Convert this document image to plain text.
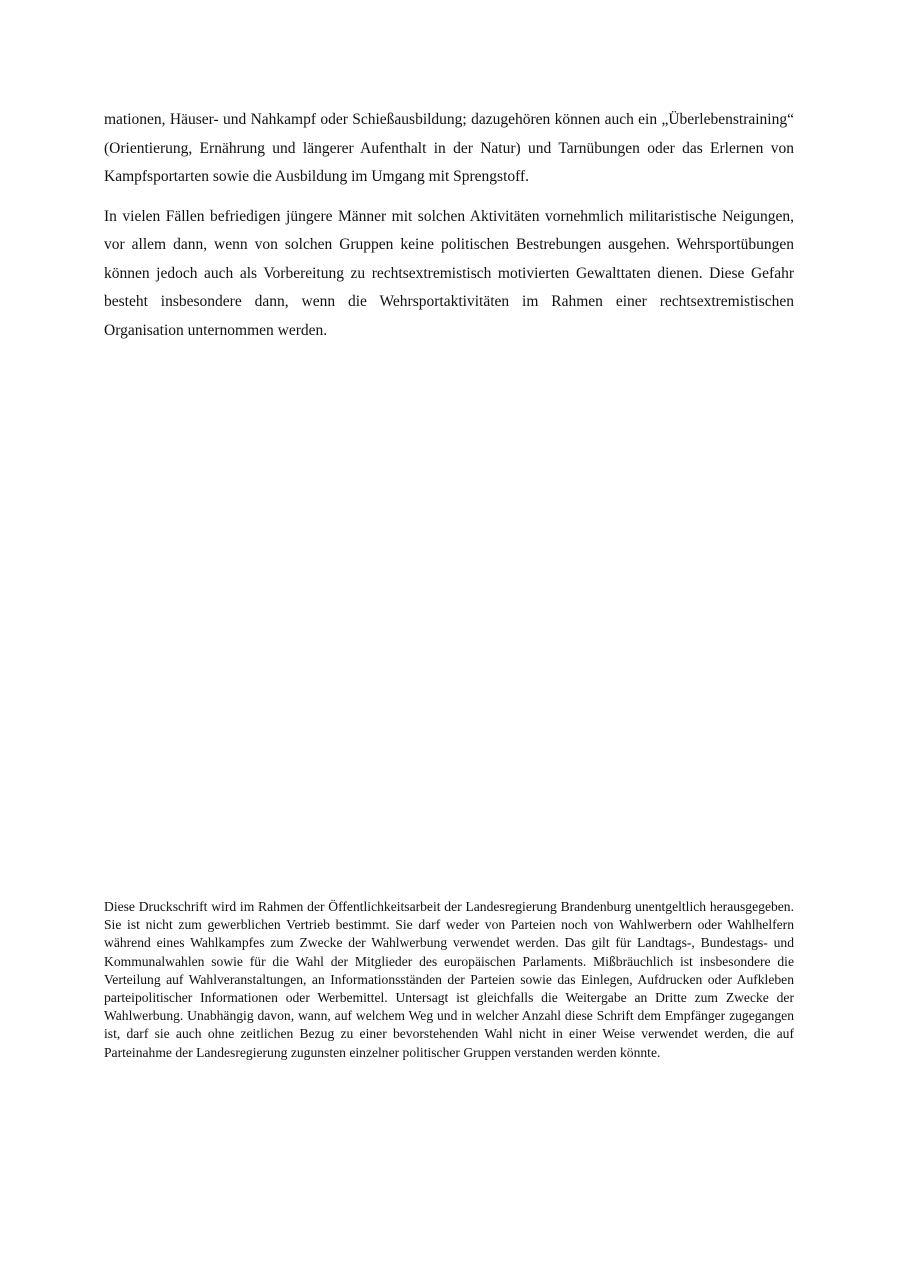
mationen, Häuser- und Nahkampf oder Schießausbildung; dazugehören können auch ein „Überlebenstraining“ (Orientierung, Ernährung und längerer Aufenthalt in der Natur) und Tarnübungen oder das Erlernen von Kampfsportarten sowie die Ausbildung im Umgang mit Sprengstoff.

In vielen Fällen befriedigen jüngere Männer mit solchen Aktivitäten vornehmlich militaristische Neigungen, vor allem dann, wenn von solchen Gruppen keine politischen Bestrebungen ausgehen. Wehrsportübungen können jedoch auch als Vorbereitung zu rechtsextremistisch motivierten Gewalttaten dienen. Diese Gefahr besteht insbesondere dann, wenn die Wehrsportaktivitäten im Rahmen einer rechtsextremistischen Organisation unternommen werden.

Diese Druckschrift wird im Rahmen der Öffentlichkeitsarbeit der Landesregierung Brandenburg unentgeltlich herausgegeben. Sie ist nicht zum gewerblichen Vertrieb bestimmt. Sie darf weder von Parteien noch von Wahlwerbern oder Wahlhelfern während eines Wahlkampfes zum Zwecke der Wahlwerbung verwendet werden. Das gilt für Landtags-, Bundestags- und Kommunalwahlen sowie für die Wahl der Mitglieder des europäischen Parlaments. Mißbräuchlich ist insbesondere die Verteilung auf Wahlveranstaltungen, an Informationsständen der Parteien sowie das Einlegen, Aufdrucken oder Aufkleben parteipolitischer Informationen oder Werbemittel. Untersagt ist gleichfalls die Weitergabe an Dritte zum Zwecke der Wahlwerbung. Unabhängig davon, wann, auf welchem Weg und in welcher Anzahl diese Schrift dem Empfänger zugegangen ist, darf sie auch ohne zeitlichen Bezug zu einer bevorstehenden Wahl nicht in einer Weise verwendet werden, die auf Parteinahme der Landesregierung zugunsten einzelner politischer Gruppen verstanden werden könnte.
